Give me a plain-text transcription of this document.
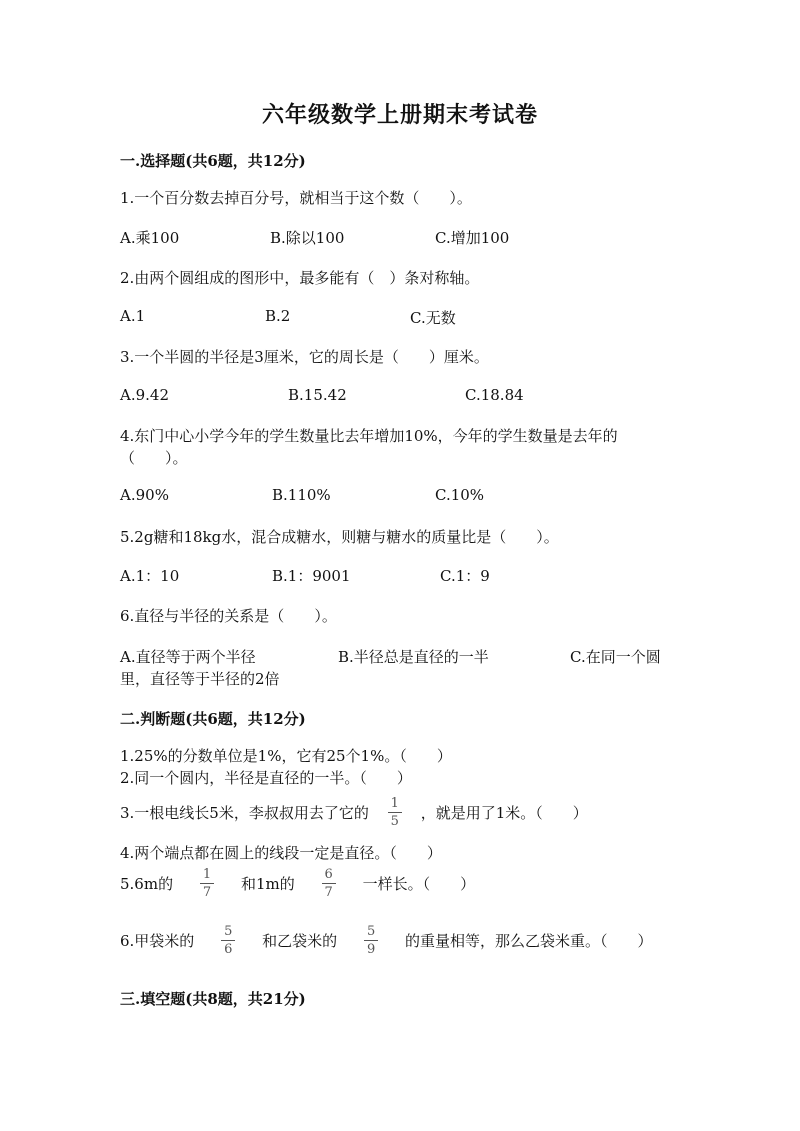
六年级数学上册期末考试卷
一.选择题(共6题，共12分)
1.一个百分数去掉百分号，就相当于这个数（　　）。
A.乘100	B.除以100	C.增加100
2.由两个圆组成的图形中，最多能有（　）条对称轴。
A.1	B.2	C.无数
3.一个半圆的半径是3厘米，它的周长是（　　）厘米。
A.9.42	B.15.42	C.18.84
4.东门中心小学今年的学生数量比去年增加10%，今年的学生数量是去年的
（　　）。
A.90%	B.110%	C.10%
5.2g糖和18kg水，混合成糖水，则糖与糖水的质量比是（　　）。
A.1：10	B.1：9001	C.1：9
6.直径与半径的关系是（　　）。
A.直径等于两个半径	B.半径总是直径的一半	C.在同一个圆
里，直径等于半径的2倍
二.判断题(共6题，共12分)
1.25%的分数单位是1%，它有25个1%。（　　）
2.同一个圆内，半径是直径的一半。（　　）
3.一根电线长5米，李叔叔用去了它的 $\frac{1}{5}$ ，就是用了1米。（　　）
4.两个端点都在圆上的线段一定是直径。（　　）
5.6m的 $\frac{1}{7}$ 和1m的 $\frac{6}{7}$ 一样长。（　　）
6.甲袋米的 $\frac{5}{6}$ 和乙袋米的 $\frac{5}{9}$ 的重量相等，那么乙袋米重。（　　）
三.填空题(共8题，共21分)
